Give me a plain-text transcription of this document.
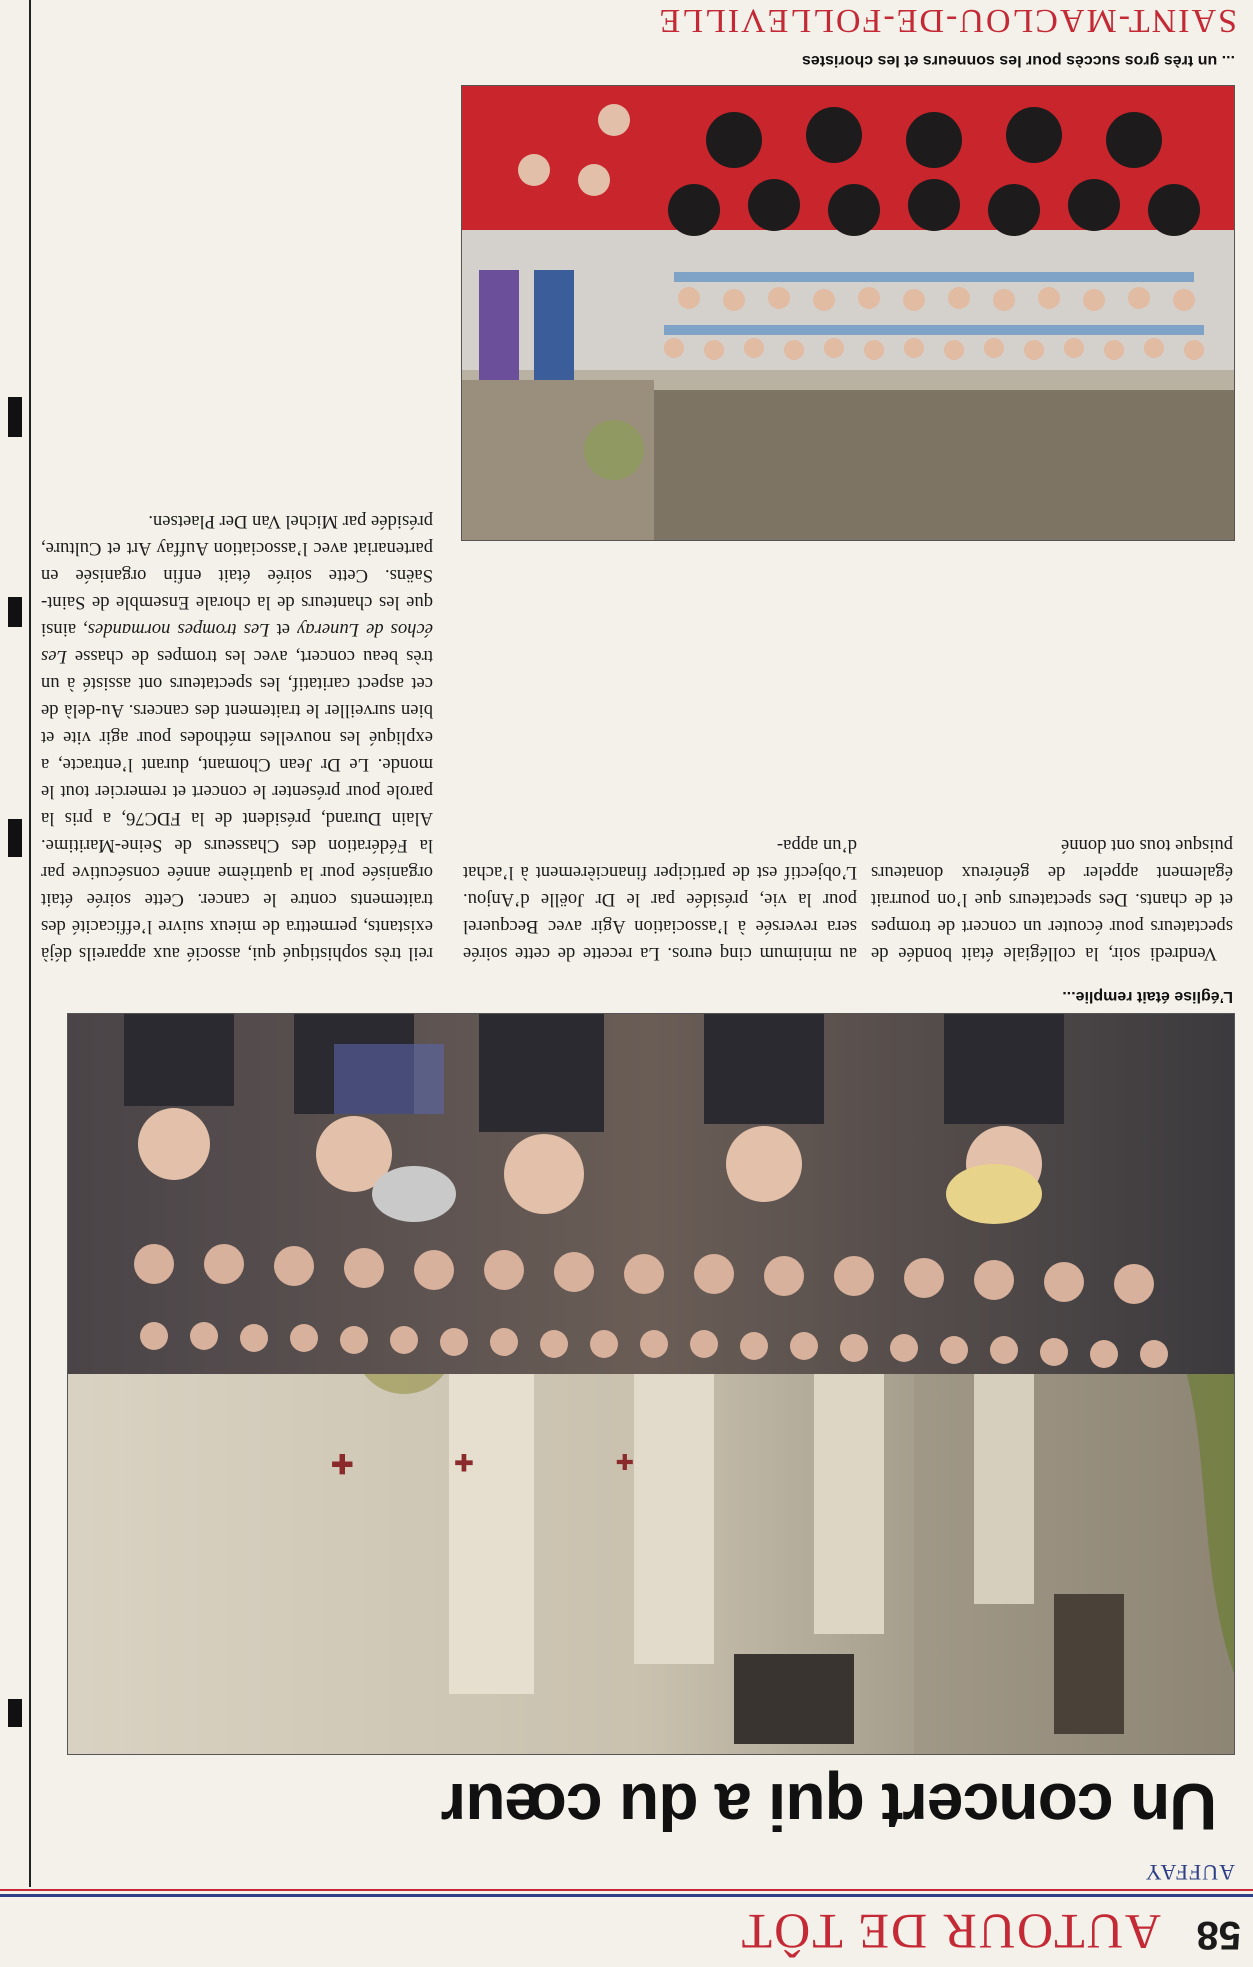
58
AUTOUR DE TÔT
AUFFAY
Un concert qui a du cœur
✚	✚	✚
L’église était remplie...

Vendredi soir, la collégiale était bondée de spectateurs pour écouter un concert de trompes et de chants. Des spectateurs que l’on pourrait également appeler de généreux donateurs puisque tous ont donné

au minimum cinq euros. La recette de cette soirée sera reversée à l’association Agir avec Becquerel pour la vie, présidée par le Dr Joëlle d’Anjou. L’objectif est de participer financièrement à l’achat d’un appa-

reil très sophistiqué qui, associé aux appareils déjà existants, permettra de mieux suivre l’efficacité des traitements contre le cancer. Cette soirée était organisée pour la quatrième année consécutive par la Fédération des Chasseurs de Seine-Maritime. Alain Durand, président de la FDC76, a pris la parole pour présenter le concert et remercier tout le monde. Le Dr Jean Chomant, durant l’entracte, a expliqué les nouvelles méthodes pour agir vite et bien surveiller le traitement des cancers. Au-delà de cet aspect caritatif, les spectateurs ont assisté à un très beau concert, avec les trompes de chasse Les échos de Luneray et Les trompes normandes, ainsi que les chanteurs de la chorale Ensemble de Saint-Saëns. Cette soirée était enfin organisée en partenariat avec l’association Auffay Art et Culture, présidée par Michel Van Der Plaetsen.

... un très gros succès pour les sonneurs et les choristes
SAINT-MACLOU-DE-FOLLEVILLE
